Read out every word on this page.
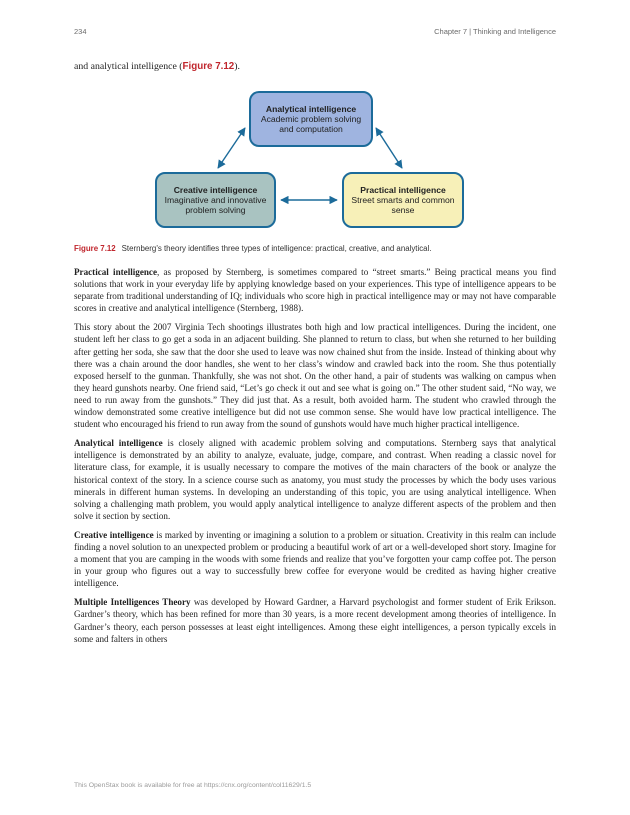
234	Chapter 7 | Thinking and Intelligence
and analytical intelligence (Figure 7.12).
Analytical intelligence
Academic problem solving and computation
Creative intelligence
Imaginative and innovative problem solving
Practical intelligence
Street smarts and common sense
Figure 7.12 Sternberg's theory identifies three types of intelligence: practical, creative, and analytical.

Practical intelligence, as proposed by Sternberg, is sometimes compared to “street smarts.” Being practical means you find solutions that work in your everyday life by applying knowledge based on your experiences. This type of intelligence appears to be separate from traditional understanding of IQ; individuals who score high in practical intelligence may or may not have comparable scores in creative and analytical intelligence (Sternberg, 1988).

This story about the 2007 Virginia Tech shootings illustrates both high and low practical intelligences. During the incident, one student left her class to go get a soda in an adjacent building. She planned to return to class, but when she returned to her building after getting her soda, she saw that the door she used to leave was now chained shut from the inside. Instead of thinking about why there was a chain around the door handles, she went to her class’s window and crawled back into the room. She thus potentially exposed herself to the gunman. Thankfully, she was not shot. On the other hand, a pair of students was walking on campus when they heard gunshots nearby. One friend said, “Let’s go check it out and see what is going on.” The other student said, “No way, we need to run away from the gunshots.” They did just that. As a result, both avoided harm. The student who crawled through the window demonstrated some creative intelligence but did not use common sense. She would have low practical intelligence. The student who encouraged his friend to run away from the sound of gunshots would have much higher practical intelligence.

Analytical intelligence is closely aligned with academic problem solving and computations. Sternberg says that analytical intelligence is demonstrated by an ability to analyze, evaluate, judge, compare, and contrast. When reading a classic novel for literature class, for example, it is usually necessary to compare the motives of the main characters of the book or analyze the historical context of the story. In a science course such as anatomy, you must study the processes by which the body uses various minerals in different human systems. In developing an understanding of this topic, you are using analytical intelligence. When solving a challenging math problem, you would apply analytical intelligence to analyze different aspects of the problem and then solve it section by section.

Creative intelligence is marked by inventing or imagining a solution to a problem or situation. Creativity in this realm can include finding a novel solution to an unexpected problem or producing a beautiful work of art or a well-developed short story. Imagine for a moment that you are camping in the woods with some friends and realize that you’ve forgotten your camp coffee pot. The person in your group who figures out a way to successfully brew coffee for everyone would be credited as having higher creative intelligence.

Multiple Intelligences Theory was developed by Howard Gardner, a Harvard psychologist and former student of Erik Erikson. Gardner’s theory, which has been refined for more than 30 years, is a more recent development among theories of intelligence. In Gardner’s theory, each person possesses at least eight intelligences. Among these eight intelligences, a person typically excels in some and falters in others

This OpenStax book is available for free at https://cnx.org/content/col11629/1.5
